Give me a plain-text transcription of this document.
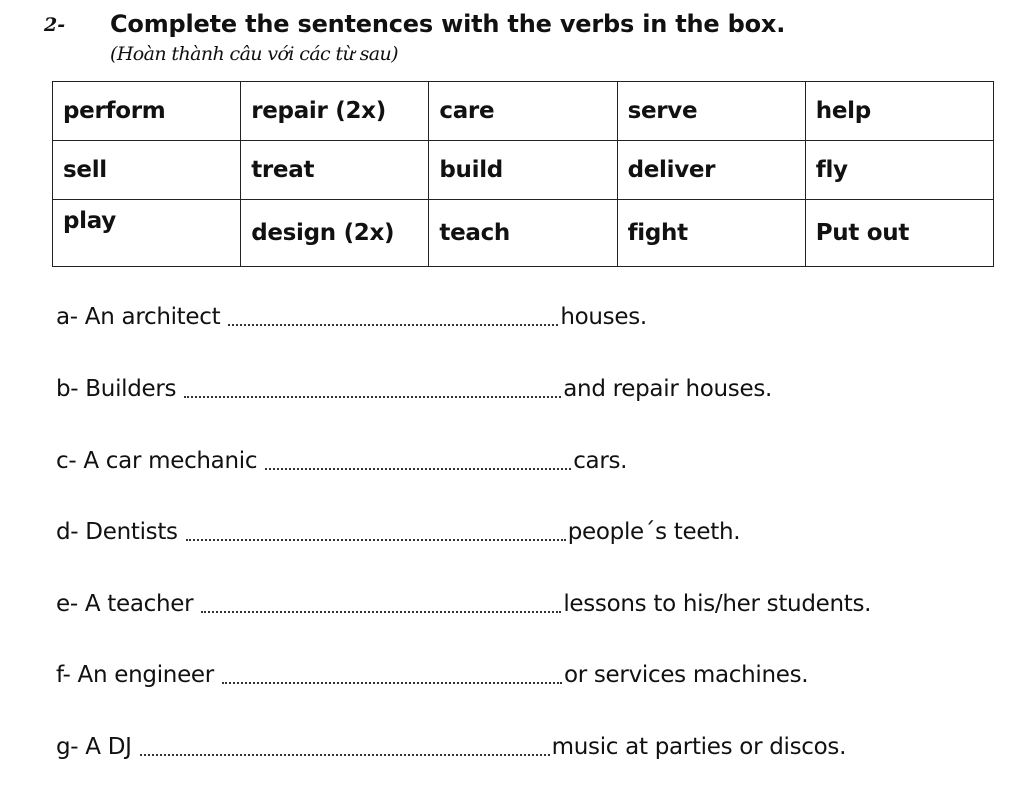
2- Complete the sentences with the verbs in the box.
(Hoàn thành câu với các từ sau)
perform	repair (2x)	care	serve	help
sell	treat	build	deliver	fly
play	design (2x)	teach	fight	Put out
a- An architect	houses.
b- Builders	and repair houses.
c- A car mechanic	cars.
d- Dentists	people´s teeth.
e- A teacher	lessons to his/her students.
f- An engineer	or services machines.
g- A DJ	music at parties or discos.
